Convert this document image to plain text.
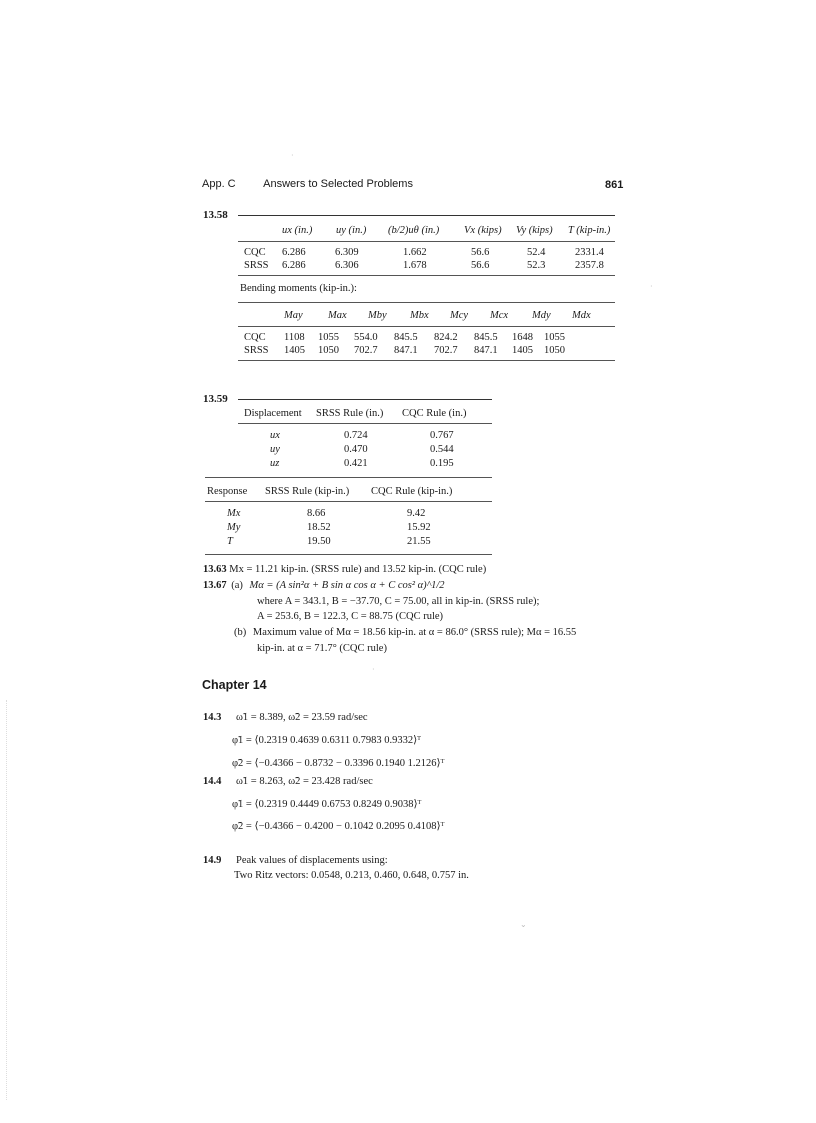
App. C	Answers to Selected Problems	861
13.58
	ux (in.)	uy (in.)	(b/2)uθ (in.)	Vx (kips)	Vy (kips)	T (kip-in.)
CQC	6.286	6.309	1.662	56.6	52.4	2331.4
SRSS	6.286	6.306	1.678	56.6	52.3	2357.8
Bending moments (kip-in.):
	May	Max	Mby	Mbx	Mcy	Mcx	Mdy	Mdx
CQC	1108	1055	554.0	845.5	824.2	845.5	1648	1055
SRSS	1405	1050	702.7	847.1	702.7	847.1	1405	1050
13.59
Displacement	SRSS Rule (in.)	CQC Rule (in.)
ux	0.724	0.767
uy	0.470	0.544
uz	0.421	0.195
Response	SRSS Rule (kip-in.)	CQC Rule (kip-in.)
Mx	8.66	9.42
My	18.52	15.92
T	19.50	21.55
13.63 Mx = 11.21 kip-in. (SRSS rule) and 13.52 kip-in. (CQC rule)
13.67 (a) Mα = (A sin²α + B sin α cos α + C cos² α)^1/2
where A = 343.1, B = −37.70, C = 75.00, all in kip-in. (SRSS rule);
A = 253.6, B = 122.3, C = 88.75 (CQC rule)
(b) Maximum value of Mα = 18.56 kip-in. at α = 86.0° (SRSS rule); Mα = 16.55
kip-in. at α = 71.7° (CQC rule)
Chapter 14
14.3 ω̃1 = 8.389, ω̃2 = 23.59 rad/sec
φ̃1 = ⟨0.2319 0.4639 0.6311 0.7983 0.9332⟩ᵀ
φ̃2 = ⟨−0.4366 − 0.8732 − 0.3396 0.1940 1.2126⟩ᵀ
14.4 ω̃1 = 8.263, ω̃2 = 23.428 rad/sec
φ̃1 = ⟨0.2319 0.4449 0.6753 0.8249 0.9038⟩ᵀ
φ̃2 = ⟨−0.4366 − 0.4200 − 0.1042 0.2095 0.4108⟩ᵀ
14.9 Peak values of displacements using:
Two Ritz vectors: 0.0548, 0.213, 0.460, 0.648, 0.757 in.
·
·
·
⌄
